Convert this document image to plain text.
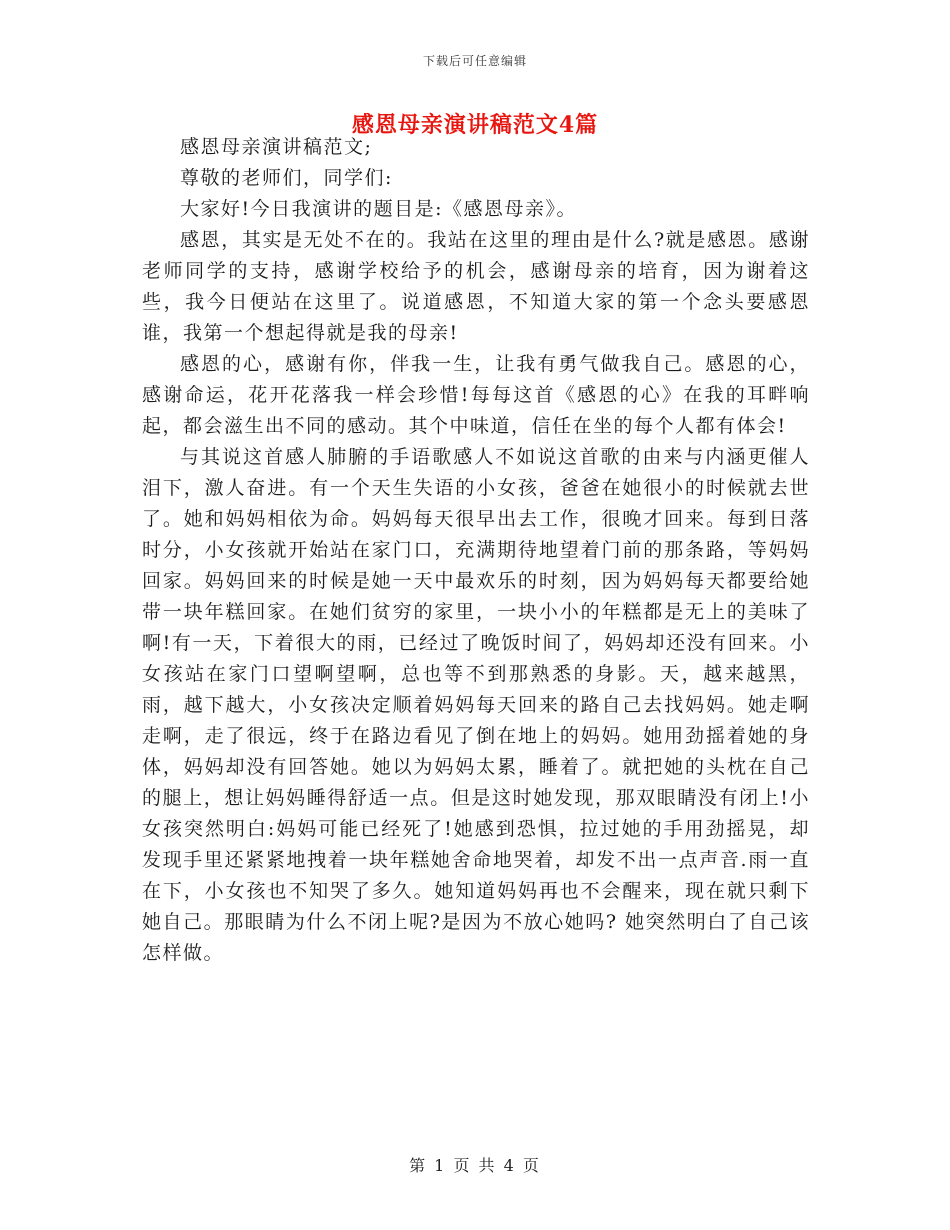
下载后可任意编辑
感恩母亲演讲稿范文4篇

感恩母亲演讲稿范文;

尊敬的老师们，同学们:

大家好!今日我演讲的题目是:《感恩母亲》。

感恩，其实是无处不在的。我站在这里的理由是什么?就是感恩。感谢老师同学的支持，感谢学校给予的机会，感谢母亲的培育，因为谢着这些，我今日便站在这里了。说道感恩，不知道大家的第一个念头要感恩谁，我第一个想起得就是我的母亲!

感恩的心，感谢有你，伴我一生，让我有勇气做我自己。感恩的心，感谢命运，花开花落我一样会珍惜!每每这首《感恩的心》在我的耳畔响起，都会滋生出不同的感动。其个中味道，信任在坐的每个人都有体会!

与其说这首感人肺腑的手语歌感人不如说这首歌的由来与内涵更催人泪下，激人奋进。有一个天生失语的小女孩，爸爸在她很小的时候就去世了。她和妈妈相依为命。妈妈每天很早出去工作，很晚才回来。每到日落时分，小女孩就开始站在家门口，充满期待地望着门前的那条路，等妈妈回家。妈妈回来的时候是她一天中最欢乐的时刻，因为妈妈每天都要给她带一块年糕回家。在她们贫穷的家里，一块小小的年糕都是无上的美味了啊!有一天，下着很大的雨，已经过了晚饭时间了，妈妈却还没有回来。小女孩站在家门口望啊望啊，总也等不到那熟悉的身影。天，越来越黑，雨，越下越大，小女孩决定顺着妈妈每天回来的路自己去找妈妈。她走啊走啊，走了很远，终于在路边看见了倒在地上的妈妈。她用劲摇着她的身体，妈妈却没有回答她。她以为妈妈太累，睡着了。就把她的头枕在自己的腿上，想让妈妈睡得舒适一点。但是这时她发现，那双眼睛没有闭上!小女孩突然明白:妈妈可能已经死了!她感到恐惧，拉过她的手用劲摇晃，却发现手里还紧紧地拽着一块年糕她舍命地哭着，却发不出一点声音.雨一直在下，小女孩也不知哭了多久。她知道妈妈再也不会醒来，现在就只剩下她自己。那眼睛为什么不闭上呢?是因为不放心她吗? 她突然明白了自己该怎样做。

第 1 页 共 4 页
